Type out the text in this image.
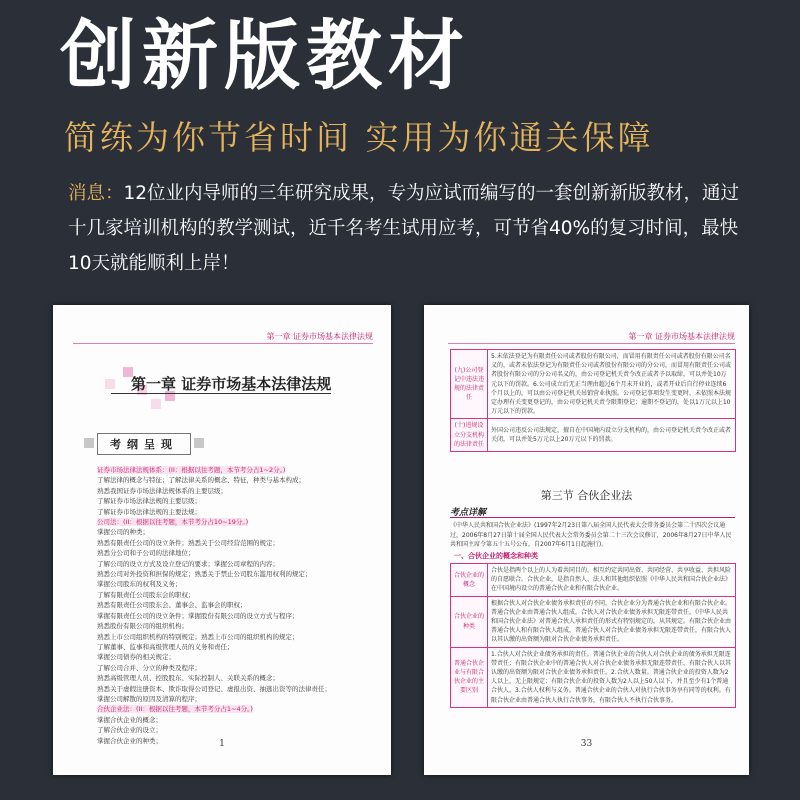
创新版教材
简练为你节省时间 实用为你通关保障
消息：12位业内导师的三年研究成果，专为应试而编写的一套创新新版教材，通过十几家培训机构的教学测试，近千名考生试用应考，可节省40%的复习时间，最快10天就能顺利上岸！
第一章 证券市场基本法律法规
第一章 证券市场基本法律法规
考纲呈现
证券市场法律法规体系：(II：根据以往考题，本节考分占1~2分。)
了解法律的概念与特征；了解法律关系的概念、特征，种类与基本构成；
熟悉我国证券市场法律法规体系的主要层级；
了解证券市场法律法规的主要层级；
了解证券市场法律法规的主要法规；
公司法：(II：根据以往考题，本节考分占10~19分。)
掌握公司的种类；
熟悉有限责任公司的设立条件；熟悉关于公司经营范围的规定；
熟悉分公司和子公司的法律地位；
了解公司的设立方式及设立登记的要求；掌握公司章程的内容；
熟悉公司对外投资和担保的规定；熟悉关于禁止公司股东滥用权利的规定；
掌握公司股东的权利及义务；
了解有限责任公司股东会的职权；
熟悉有限责任公司股东会、董事会、监事会的职权；
掌握有限责任公司的设立条件；掌握股份有限公司的设立方式与程序；
熟悉股份有限公司的组织机构；
熟悉上市公司组织机构的特别规定；熟悉上市公司的组织机构的规定；
了解董事、监事和高级管理人员的义务和责任；
掌握公司债券的相关规定；
了解公司合并、分立的种类及程序；
熟悉高级管理人员、控股股东、实际控制人、关联关系的概念；
熟悉关于虚假注册资本、欺诈取得公司登记、虚报出资、抽逃出资等的法律责任；
掌握公司解散的原因及清算的程序；
合伙企业法：(II：根据以往考题，本节考分占1~4分。)
掌握合伙企业的概念；
了解合伙企业的设立；
掌握合伙企业的种类；	1
第一章 证券市场基本法律法规
(九)公司登记中违法违规的法律责任	5.未依法登记为有限责任公司或者股份有限公司，而冒用有限责任公司或者股份有限公司名义的，或者未依法登记为有限责任公司或者股份有限公司的分公司，而冒用有限责任公司或者股份有限公司的分公司名义的，由公司登记机关责令改正或者予以取缔，可以并处10万元以下的罚款。6.公司成立后无正当理由超过6个月未开业的，或者开业后自行停业连续6个月以上的，可以由公司登记机关吊销营业执照。公司登记事项发生变更时，未依照本法规定办理有关变更登记的，由公司登记机关责令限期登记；逾期不登记的，处以1万元以上10万元以下的罚款。
(十)违规设立分支机构的法律责任	外国公司违反公司法规定，擅自在中国境内设立分支机构的，由公司登记机关责令改正或者关闭，可以并处5万元以上20万元以下的罚款。
第三节 合伙企业法
考点详解
《中华人民共和国合伙企业法》(1997年2月23日第八届全国人民代表大会常务委员会第二十四次会议通过，2006年8月27日第十届全国人民代表大会常务委员会第二十三次会议修订，2006年8月27日中华人民共和国主席令第五十五号公布，自2007年6月1日起施行)。
一、合伙企业的概念和种类
合伙企业的概念	合伙是指两个以上的人为着共同目的，相互约定共同出资、共同经营、共享收益、共担风险的自愿联合。合伙企业，是指自然人、法人和其他组织依照《中华人民共和国合伙企业法》在中国境内设立的普通合伙企业和有限合伙企业。
合伙企业的种类	根据合伙人对合伙企业债务承担责任的不同，合伙企业分为普通合伙企业和有限合伙企业。普通合伙企业由普通合伙人组成，合伙人对合伙企业债务承担无限连带责任。《中华人民共和国合伙企业法》对普通合伙人承担责任的形式有特别规定的，从其规定。有限合伙企业由普通合伙人和有限合伙人组成，普通合伙人对合伙企业债务承担无限连带责任，有限合伙人以其认缴的出资额为限对合伙企业债务承担责任。
普通合伙企业与有限合伙企业的主要区别	1.合伙人对合伙企业债务承担的责任。普通合伙企业的合伙人对合伙企业的债务承担无限连带责任；有限合伙企业中的普通合伙人对合伙企业债务承担无限连带责任，有限合伙人以其认缴的出资额为限对合伙企业债务承担责任。2.合伙人数量。普通合伙企业的投资人数为2人以上，无上限规定；有限合伙企业的投资人数为2人以上50人以下，并且至少有1个普通合伙人。3.合伙人权利与义务。普通合伙企业的合伙人对执行合伙事务享有同等的权利。有限合伙企业由普通合伙人执行合伙事务，有限合伙人不执行合伙事务。
33
